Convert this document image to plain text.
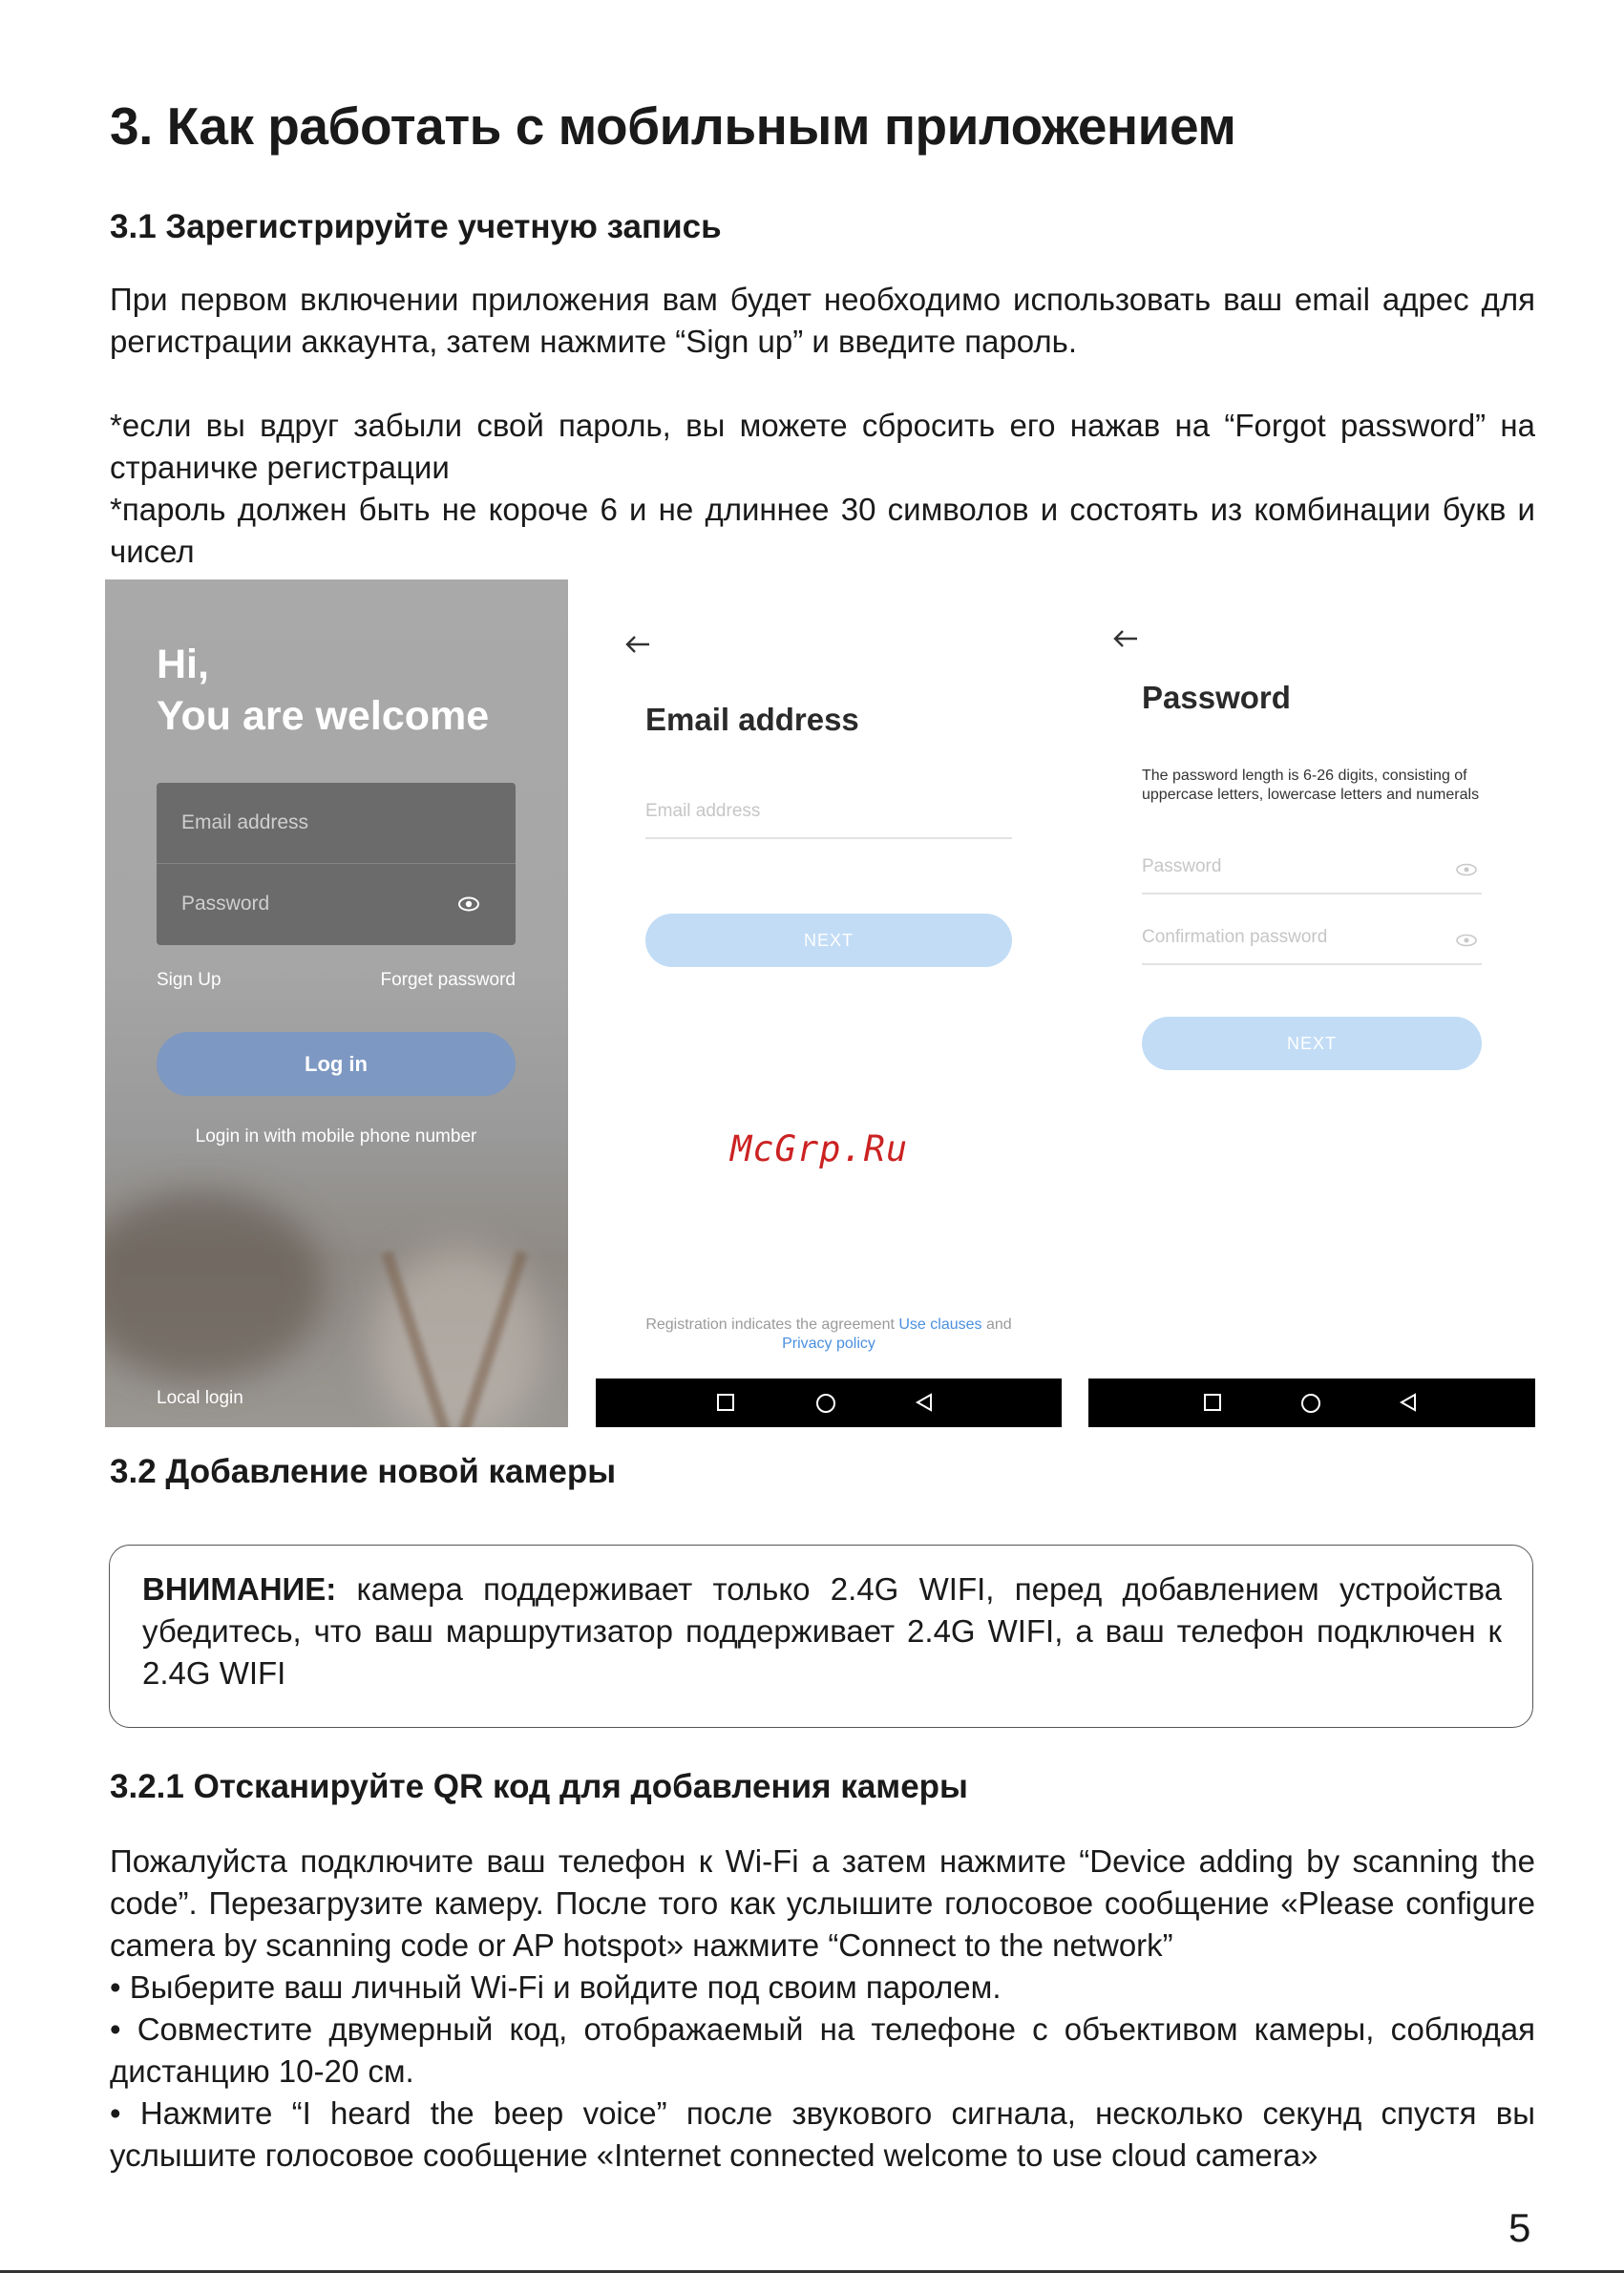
3. Как работать с мобильным приложением
3.1 Зарегистрируйте учетную запись

При первом включении приложения вам будет необходимо использовать ваш email адрес для регистрации аккаунта, затем нажмите “Sign up” и введите пароль.

*если вы вдруг забыли свой пароль, вы можете сбросить его нажав на “Forgot password” на страничке регистрации

*пароль должен быть не короче 6 и не длиннее 30 символов и состоять из комбинации букв и чисел

Hi,
You are welcome
Email address
Password
Sign Up	Forget password
Log in
Login in with mobile phone number
Local login
Email address
Email address
NEXT
Registration indicates the agreement Use clauses and
Privacy policy
Password
The password length is 6-26 digits, consisting of uppercase letters, lowercase letters and numerals
Password
Confirmation password
NEXT
McGrp.Ru
3.2 Добавление новой камеры

ВНИМАНИЕ: камера поддерживает только 2.4G WIFI, перед добавлением устройства убедитесь, что ваш маршрутизатор поддерживает 2.4G WIFI, а ваш телефон подключен к 2.4G WIFI

3.2.1 Отсканируйте QR код для добавления камеры

Пожалуйста подключите ваш телефон к Wi-Fi а затем нажмите “Device adding by scanning the code”. Перезагрузите камеру. После того как услышите голосовое сообщение «Please configure camera by scanning code or AP hotspot» нажмите “Connect to the network”

• Выберите ваш личный Wi-Fi и войдите под своим паролем.

• Совместите двумерный код, отображаемый на телефоне с объективом камеры, соблюдая дистанцию 10-20 см.

• Нажмите “I heard the beep voice” после звукового сигнала, несколько секунд спустя вы услышите голосовое сообщение «Internet connected welcome to use cloud camera»

5
